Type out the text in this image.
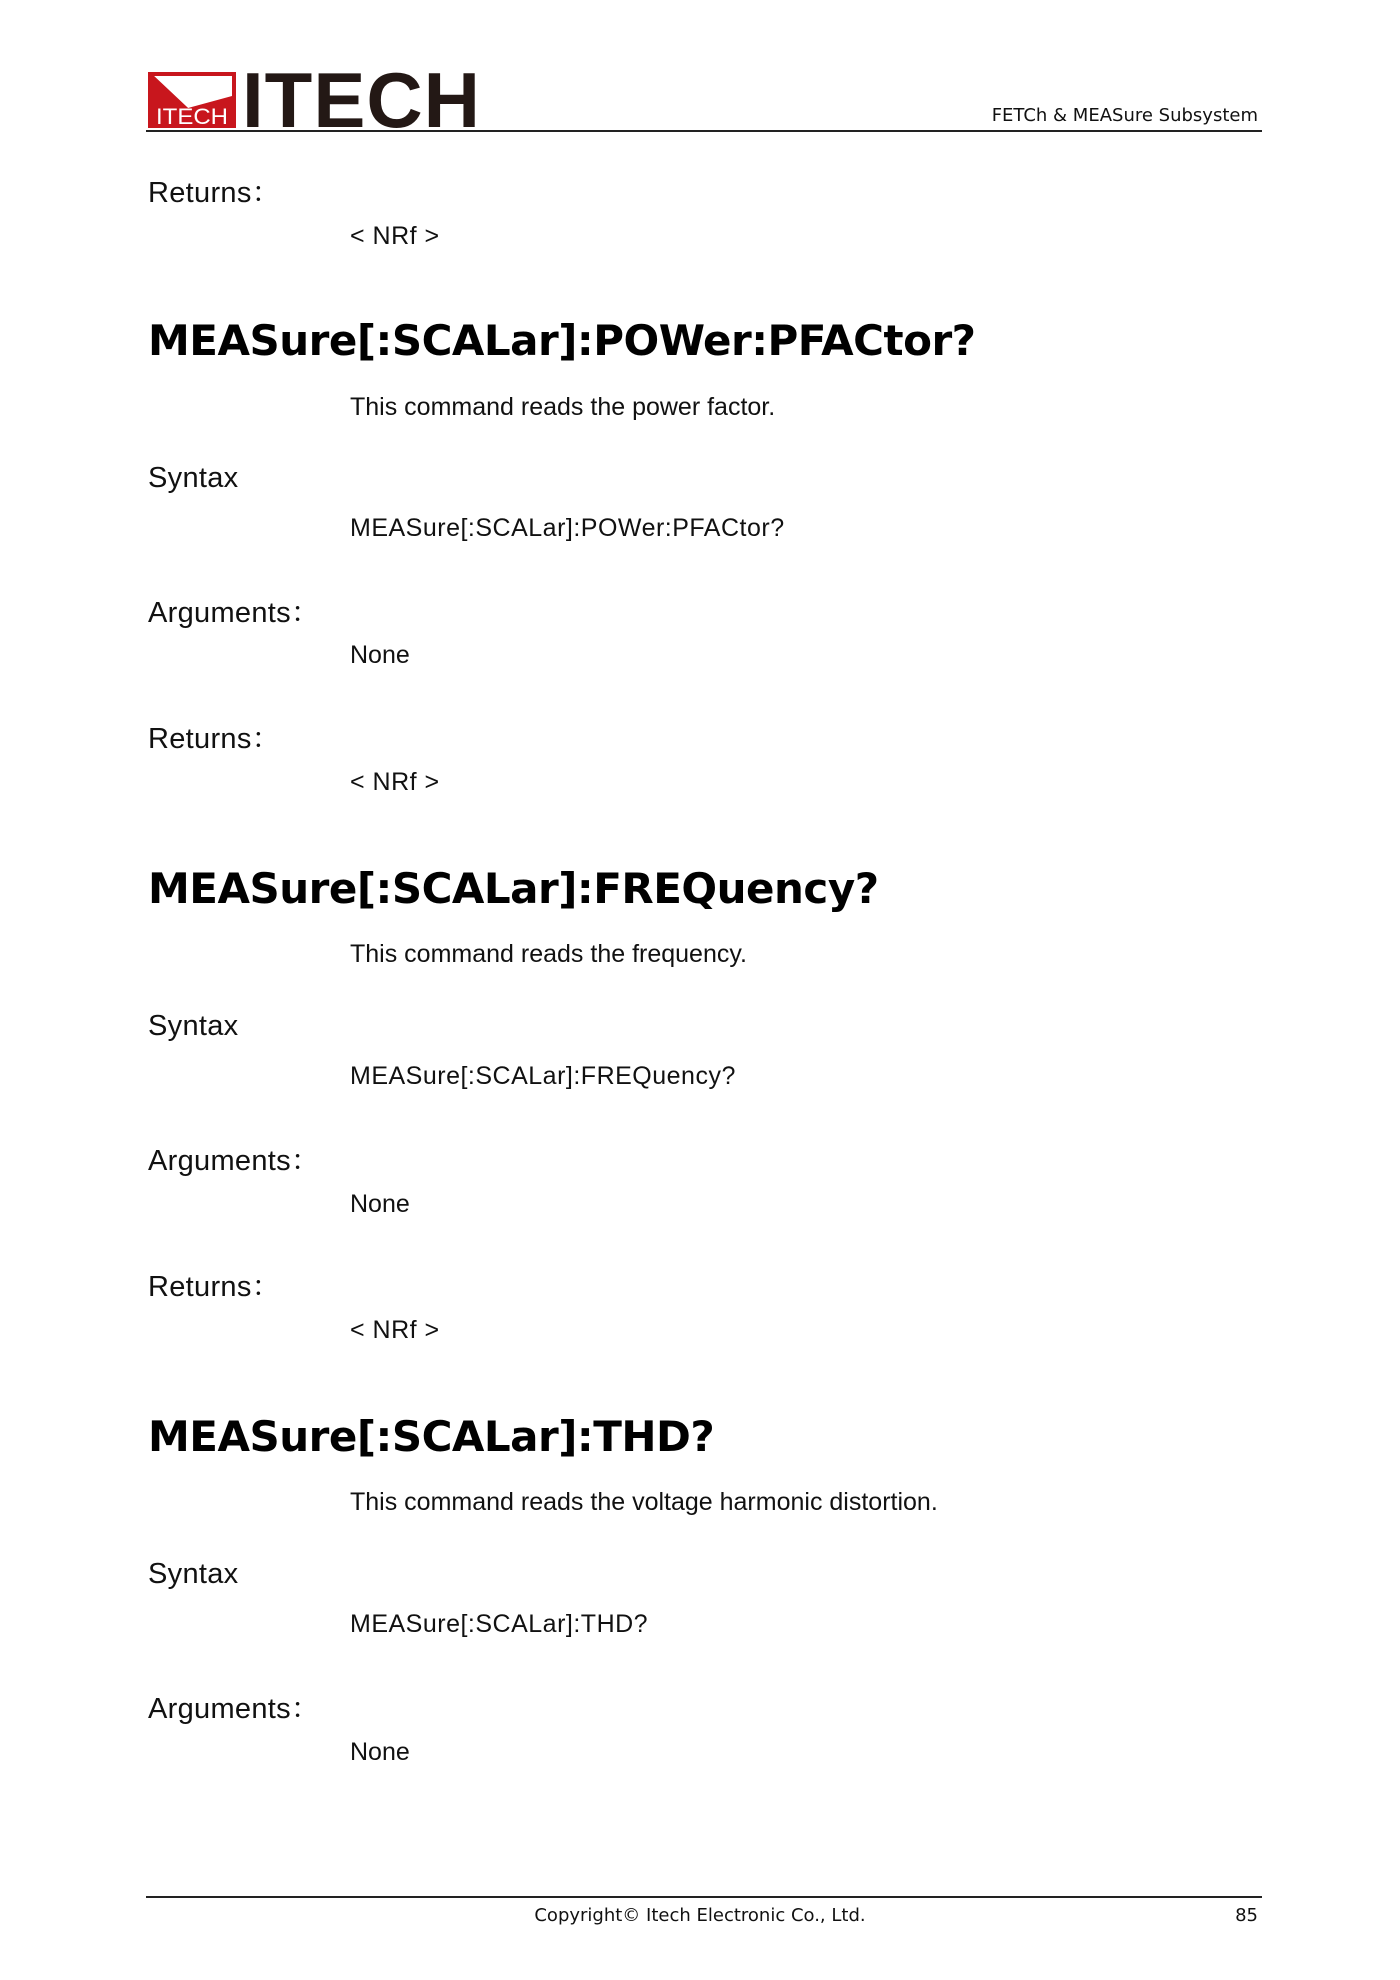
ITECH ITECH	FETCh & MEASure Subsystem
Returns：
< NRf >
MEASure[:SCALar]:POWer:PFACtor?
This command reads the power factor.
Syntax
MEASure[:SCALar]:POWer:PFACtor?
Arguments：
None
Returns：
< NRf >
MEASure[:SCALar]:FREQuency?
This command reads the frequency.
Syntax
MEASure[:SCALar]:FREQuency?
Arguments：
None
Returns：
< NRf >
MEASure[:SCALar]:THD?
This command reads the voltage harmonic distortion.
Syntax
MEASure[:SCALar]:THD?
Arguments：
None
Copyright© Itech Electronic Co., Ltd.	85
